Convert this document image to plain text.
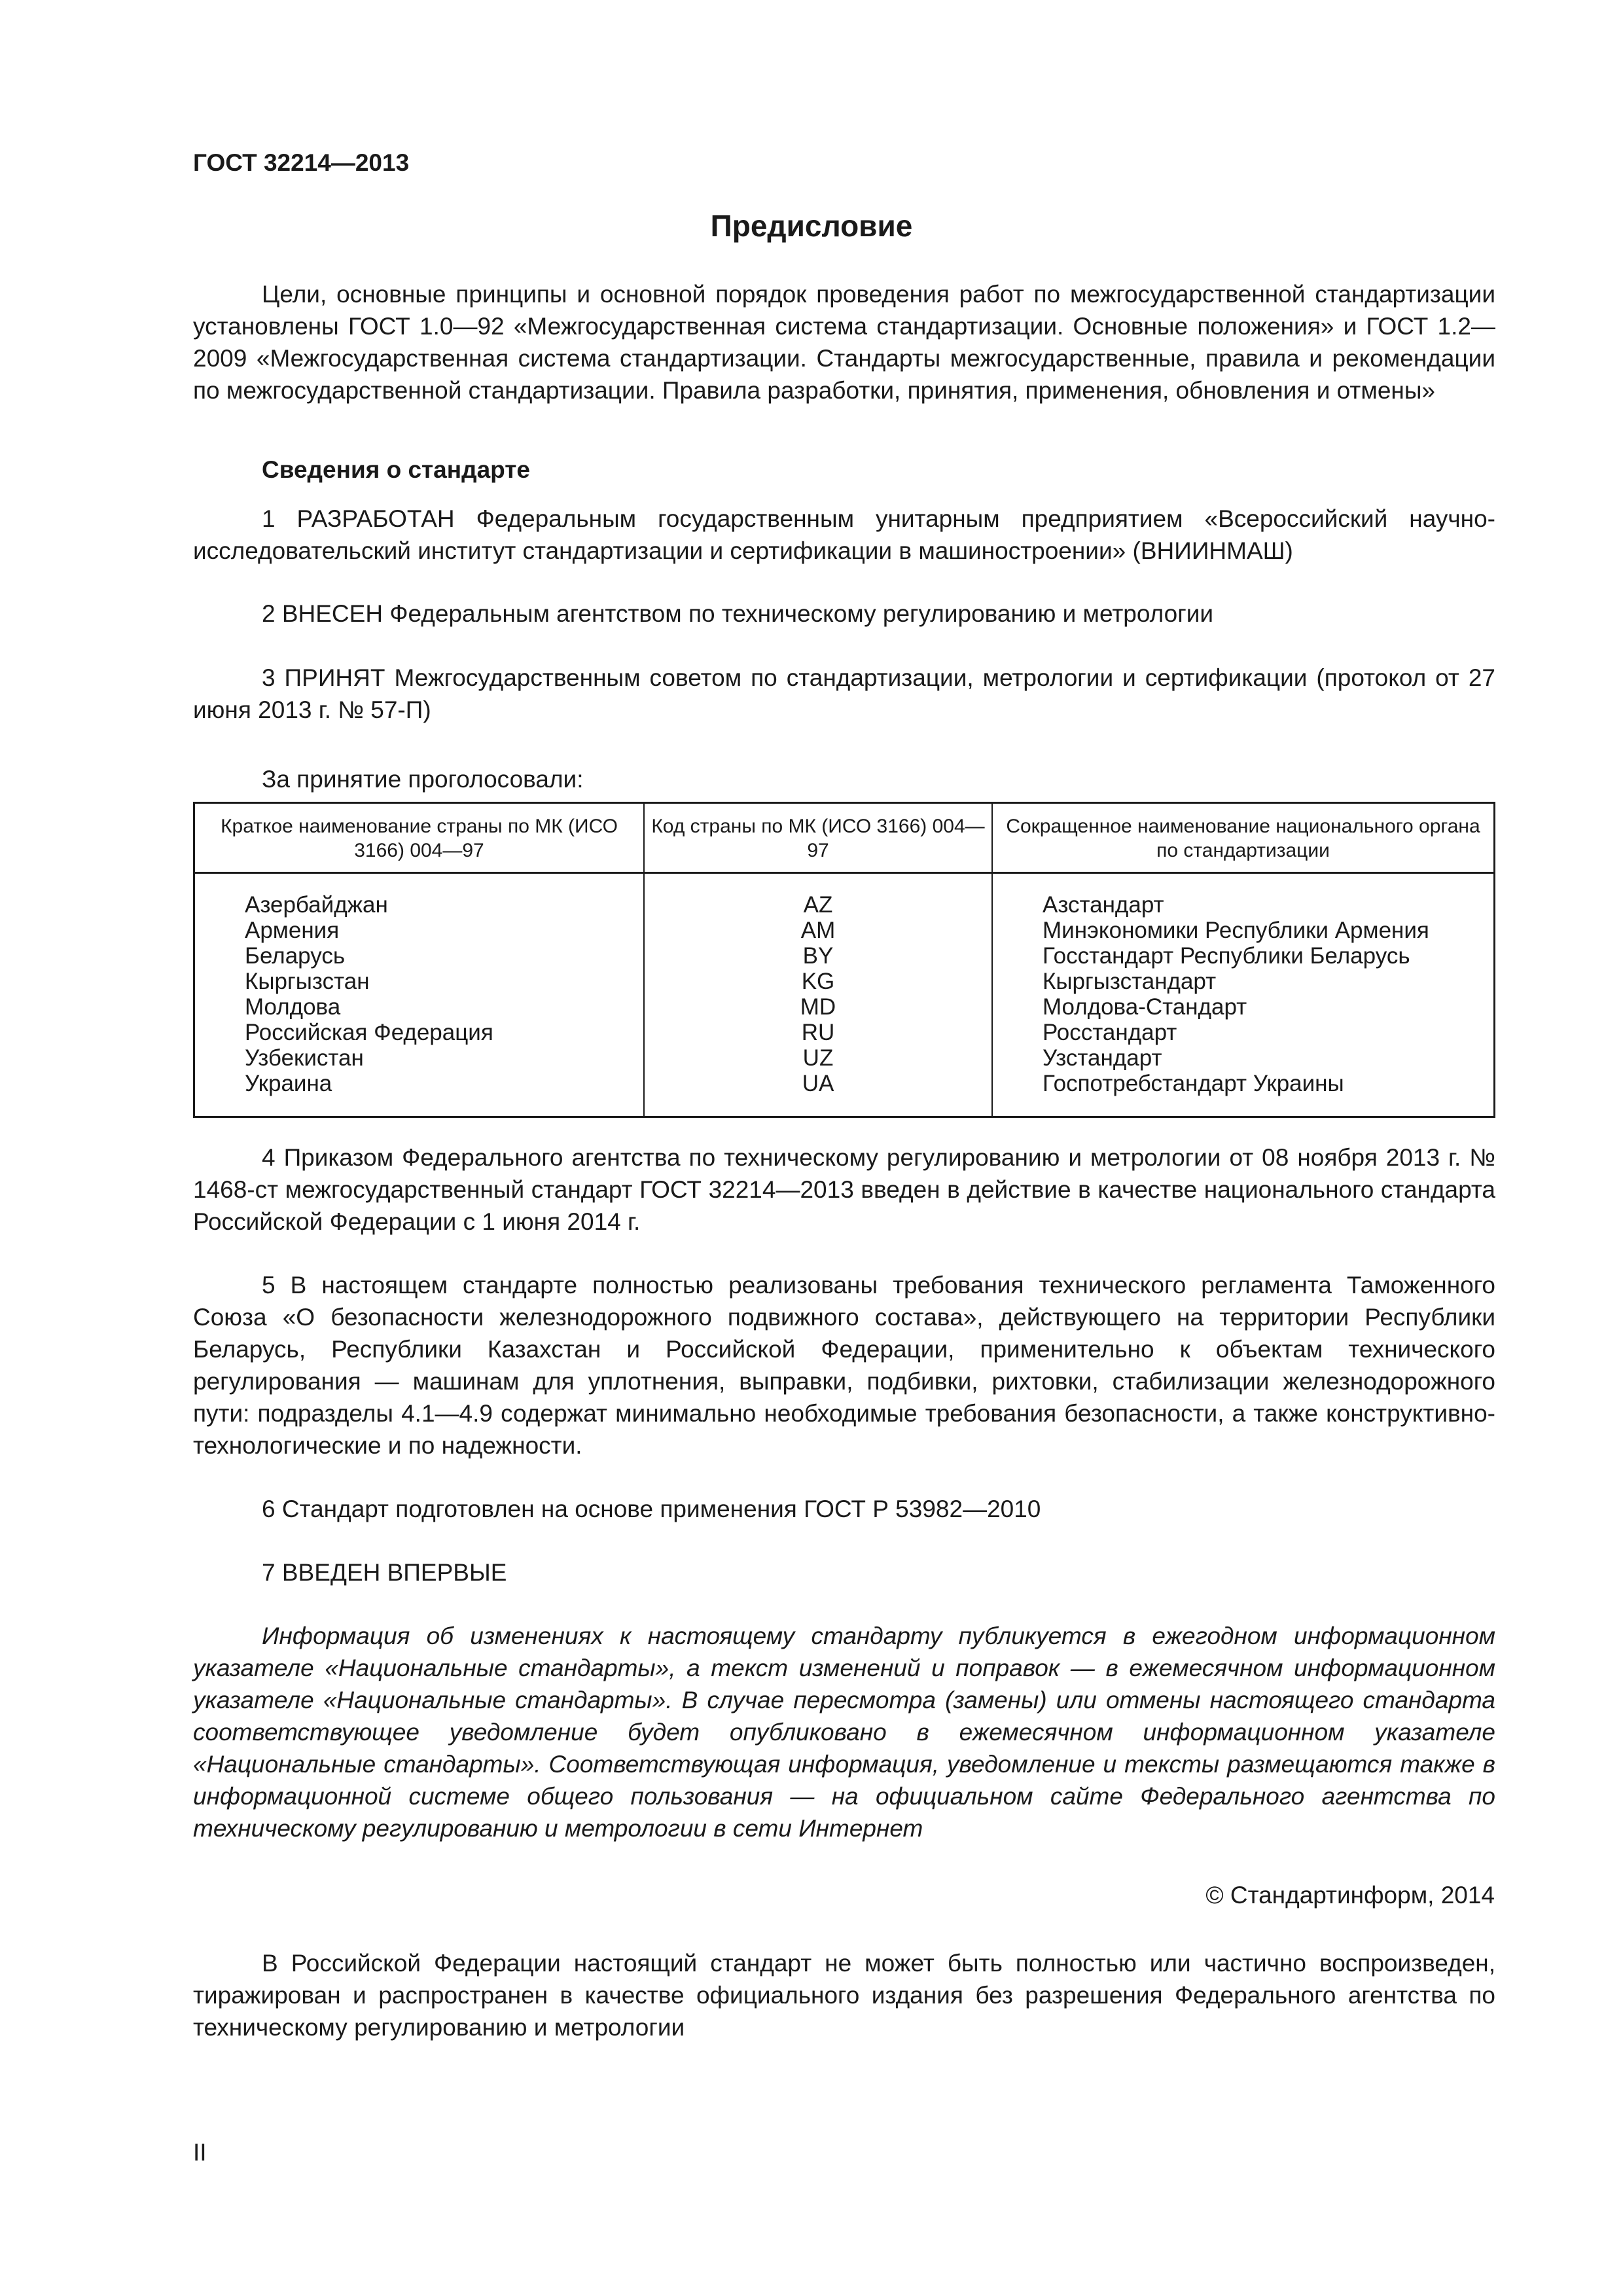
ГОСТ 32214—2013
Предисловие
Цели, основные принципы и основной порядок проведения работ по межгосударственной стандартизации установлены ГОСТ 1.0—92 «Межгосударственная система стандартизации. Основные положения» и ГОСТ 1.2—2009 «Межгосударственная система стандартизации. Стандарты межгосударственные, правила и рекомендации по межгосударственной стандартизации. Правила разработки, принятия, применения, обновления и отмены»
Сведения о стандарте
1 РАЗРАБОТАН Федеральным государственным унитарным предприятием «Всероссийский научно-исследовательский институт стандартизации и сертификации в машиностроении» (ВНИИНМАШ)
2 ВНЕСЕН Федеральным агентством по техническому регулированию и метрологии
3 ПРИНЯТ Межгосударственным советом по стандартизации, метрологии и сертификации (протокол от 27 июня 2013 г. № 57-П)
За принятие проголосовали:
Краткое наименование страны по МК (ИСО 3166) 004—97	Код страны по МК (ИСО 3166) 004—97	Сокращенное наименование национального органа по стандартизации
Азербайджан	AZ	Азстандарт
Армения	AM	Минэкономики Республики Армения
Беларусь	BY	Госстандарт Республики Беларусь
Кыргызстан	KG	Кыргызстандарт
Молдова	MD	Молдова-Стандарт
Российская Федерация	RU	Росстандарт
Узбекистан	UZ	Узстандарт
Украина	UA	Госпотребстандарт Украины
4 Приказом Федерального агентства по техническому регулированию и метрологии от 08 ноября 2013 г. № 1468-ст межгосударственный стандарт ГОСТ 32214—2013 введен в действие в качестве национального стандарта Российской Федерации с 1 июня 2014 г.
5 В настоящем стандарте полностью реализованы требования технического регламента Таможенного Союза «О безопасности железнодорожного подвижного состава», действующего на территории Республики Беларусь, Республики Казахстан и Российской Федерации, применительно к объектам технического регулирования — машинам для уплотнения, выправки, подбивки, рихтовки, стабилизации железнодорожного пути: подразделы 4.1—4.9 содержат минимально необходимые требования безопасности, а также конструктивно-технологические и по надежности.
6 Стандарт подготовлен на основе применения ГОСТ Р 53982—2010
7 ВВЕДЕН ВПЕРВЫЕ
Информация об изменениях к настоящему стандарту публикуется в ежегодном информационном указателе «Национальные стандарты», а текст изменений и поправок — в ежемесячном информационном указателе «Национальные стандарты». В случае пересмотра (замены) или отмены настоящего стандарта соответствующее уведомление будет опубликовано в ежемесячном информационном указателе «Национальные стандарты». Соответствующая информация, уведомление и тексты размещаются также в информационной системе общего пользования — на официальном сайте Федерального агентства по техническому регулированию и метрологии в сети Интернет
© Стандартинформ, 2014
В Российской Федерации настоящий стандарт не может быть полностью или частично воспроизведен, тиражирован и распространен в качестве официального издания без разрешения Федерального агентства по техническому регулированию и метрологии
II
